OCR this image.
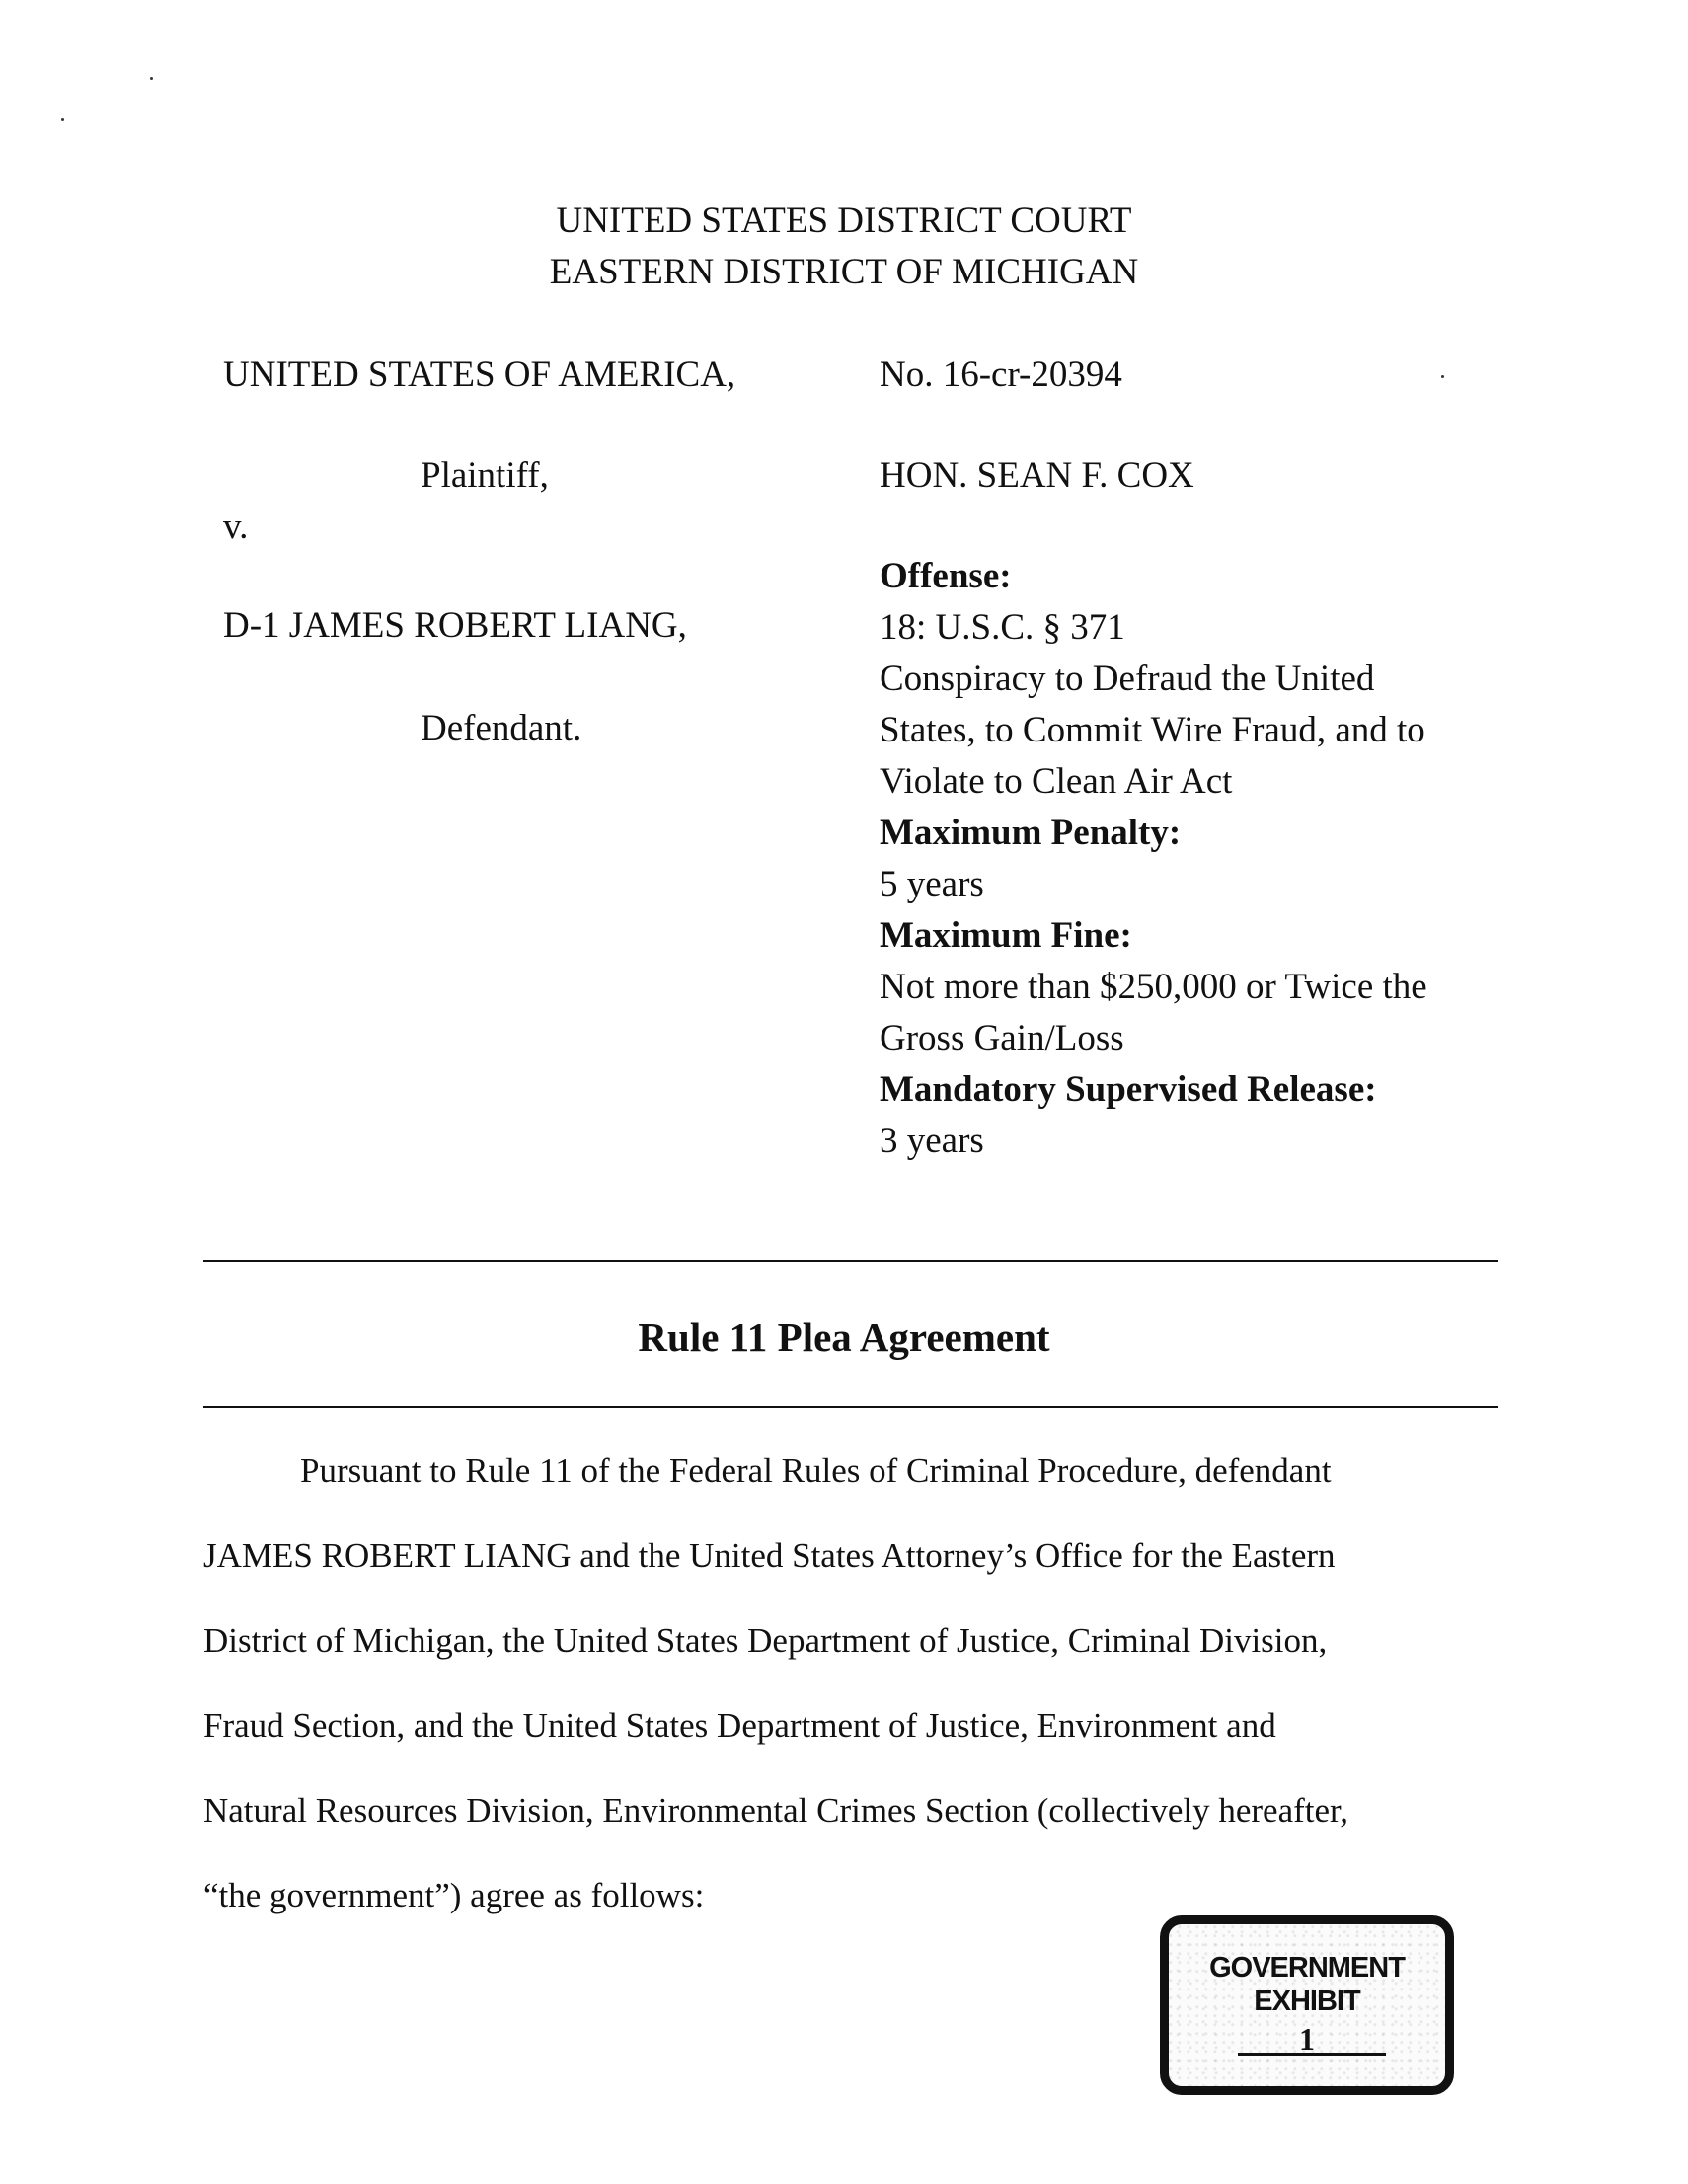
UNITED STATES DISTRICT COURT
EASTERN DISTRICT OF MICHIGAN
UNITED STATES OF AMERICA,
Plaintiff,
v.
D-1 JAMES ROBERT LIANG,
Defendant.
No. 16-cr-20394
HON. SEAN F. COX
Offense:
18: U.S.C. § 371
Conspiracy to Defraud the United
States, to Commit Wire Fraud, and to
Violate to Clean Air Act
Maximum Penalty:
5 years
Maximum Fine:
Not more than $250,000 or Twice the
Gross Gain/Loss
Mandatory Supervised Release:
3 years
Rule 11 Plea Agreement
Pursuant to Rule 11 of the Federal Rules of Criminal Procedure, defendant
JAMES ROBERT LIANG and the United States Attorney’s Office for the Eastern
District of Michigan, the United States Department of Justice, Criminal Division,
Fraud Section, and the United States Department of Justice, Environment and
Natural Resources Division, Environmental Crimes Section (collectively hereafter,
“the government”) agree as follows:
GOVERNMENT
EXHIBIT
1
